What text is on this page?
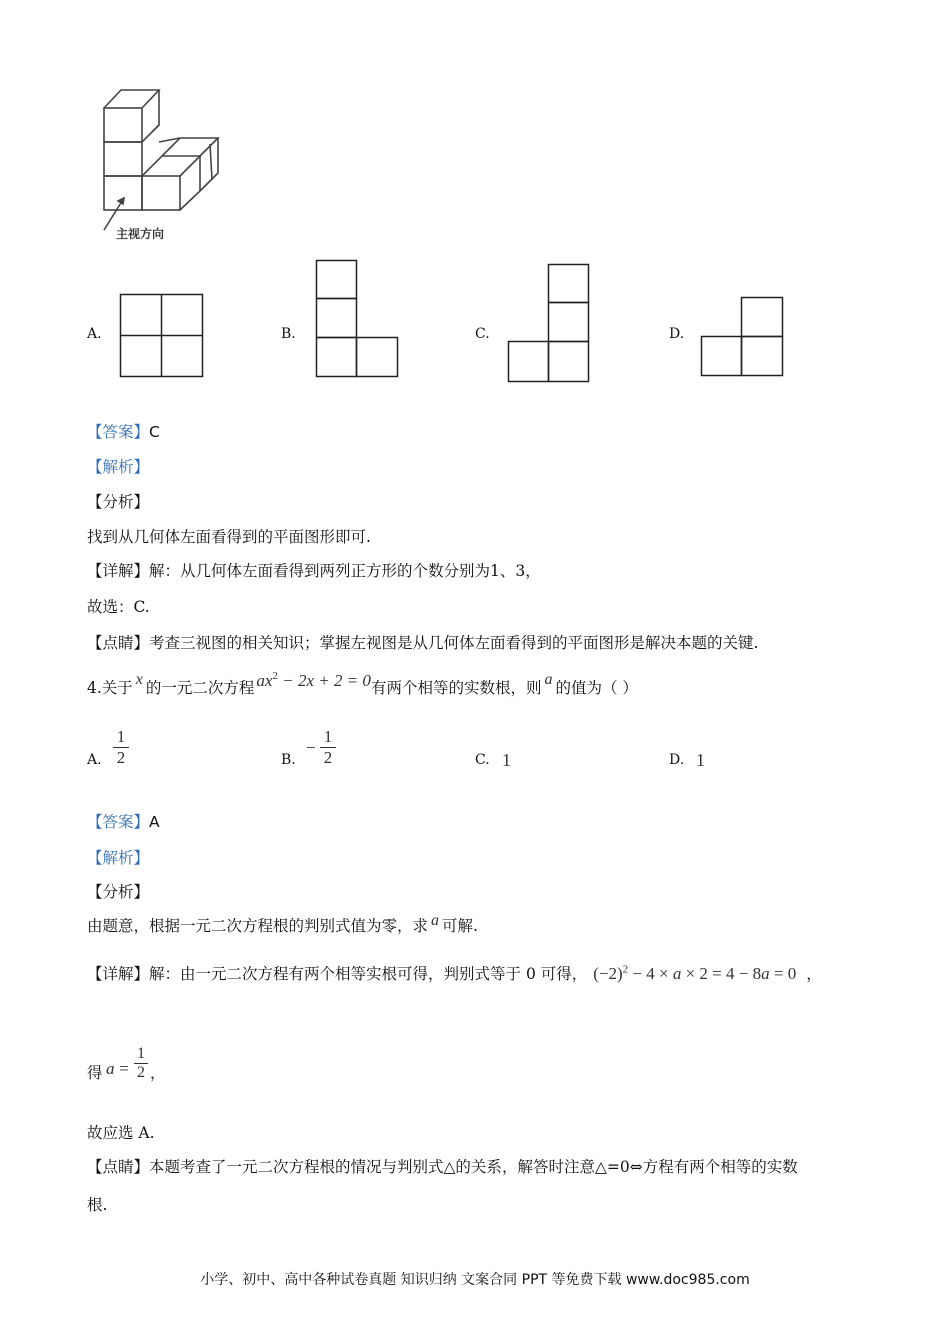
主视方向
A.	B.	C.	D.
【答案】C
【解析】
【分析】
找到从几何体左面看得到的平面图形即可.
【详解】解：从几何体左面看得到两列正方形的个数分别为1、3，
故选：C.
【点睛】考查三视图的相关知识；掌握左视图是从几何体左面看得到的平面图形是解决本题的关键.
4.关于 x 的一元二次方程 $ax^2 - 2x + 2 = 0$有两个相等的实数根，则 a 的值为（ ）
A. $\frac{1}{2}$	B.
− $\frac{1}{2}$	C. 1	D. 1
【答案】A
【解析】
【分析】
由题意，根据一元二次方程根的判别式值为零，求 a 可解.
【详解】解：由一元二次方程有两个相等实根可得，判别式等于 0 可得， $(-2)^2 - 4 \times a \times 2 = 4 - 8a = 0$ ，
得 $a = \frac{1}{2}$ ，
故应选 A.
【点睛】本题考查了一元二次方程根的情况与判别式△的关系，解答时注意△=0⇔方程有两个相等的实数
根.
小学、初中、高中各种试卷真题 知识归纳 文案合同 PPT 等免费下载 www.doc985.com
